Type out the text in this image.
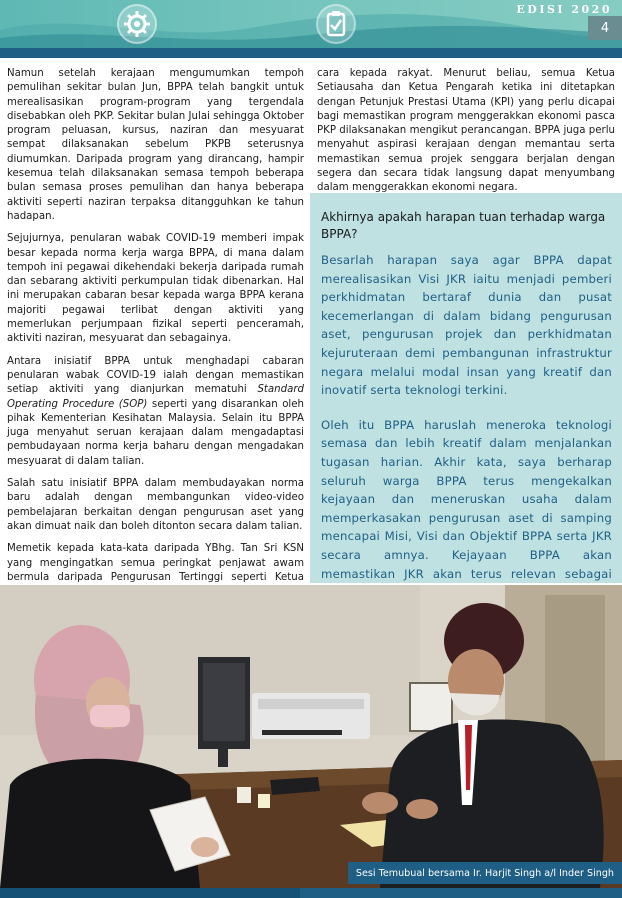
EDISI 2020
4

Namun setelah kerajaan mengumumkan tempoh pemulihan sekitar bulan Jun, BPPA telah bangkit untuk merealisasikan program-program yang tergendala disebabkan oleh PKP. Sekitar bulan Julai sehingga Oktober program peluasan, kursus, naziran dan mesyuarat sempat dilaksanakan sebelum PKPB seterusnya diumumkan. Daripada program yang dirancang, hampir kesemua telah dilaksanakan semasa tempoh beberapa bulan semasa proses pemulihan dan hanya beberapa aktiviti seperti naziran terpaksa ditangguhkan ke tahun hadapan.

Sejujurnya, penularan wabak COVID-19 memberi impak besar kepada norma kerja warga BPPA, di mana dalam tempoh ini pegawai dikehendaki bekerja daripada rumah dan sebarang aktiviti perkumpulan tidak dibenarkan. Hal ini merupakan cabaran besar kepada warga BPPA kerana majoriti pegawai terlibat dengan aktiviti yang memerlukan perjumpaan fizikal seperti penceramah, aktiviti naziran, mesyuarat dan sebagainya.

Antara inisiatif BPPA untuk menghadapi cabaran penularan wabak COVID-19 ialah dengan memastikan setiap aktiviti yang dianjurkan mematuhi Standard Operating Procedure (SOP) seperti yang disarankan oleh pihak Kementerian Kesihatan Malaysia. Selain itu BPPA juga menyahut seruan kerajaan dalam mengadaptasi pembudayaan norma kerja baharu dengan mengadakan mesyuarat di dalam talian.

Salah satu inisiatif BPPA dalam membudayakan norma baru adalah dengan membangunkan video-video pembelajaran berkaitan dengan pengurusan aset yang akan dimuat naik dan boleh ditonton secara dalam talian.

Memetik kepada kata-kata daripada YBhg. Tan Sri KSN yang mengingatkan semua peringkat penjawat awam bermula daripada Pengurusan Tertinggi seperti Ketua

cara kepada rakyat. Menurut beliau, semua Ketua Setiausaha dan Ketua Pengarah ketika ini ditetapkan dengan Petunjuk Prestasi Utama (KPI) yang perlu dicapai bagi memastikan program menggerakkan ekonomi pasca PKP dilaksanakan mengikut perancangan. BPPA juga perlu menyahut aspirasi kerajaan dengan memantau serta memastikan semua projek senggara berjalan dengan segera dan secara tidak langsung dapat menyumbang dalam menggerakkan ekonomi negara.

Akhirnya apakah harapan tuan terhadap warga BPPA?

Besarlah harapan saya agar BPPA dapat merealisasikan Visi JKR iaitu menjadi pemberi perkhidmatan bertaraf dunia dan pusat kecemerlangan di dalam bidang pengurusan aset, pengurusan projek dan perkhidmatan kejuruteraan demi pembangunan infrastruktur negara melalui modal insan yang kreatif dan inovatif serta teknologi terkini.

Oleh itu BPPA haruslah meneroka teknologi semasa dan lebih kreatif dalam menjalankan tugasan harian. Akhir kata, saya berharap seluruh warga BPPA terus mengekalkan kejayaan dan meneruskan usaha dalam memperkasakan pengurusan aset di samping mencapai Misi, Visi dan Objektif BPPA serta JKR secara amnya. Kejayaan BPPA akan memastikan JKR akan terus relevan sebagai

Sesi Temubual bersama Ir. Harjit Singh a/l Inder Singh
